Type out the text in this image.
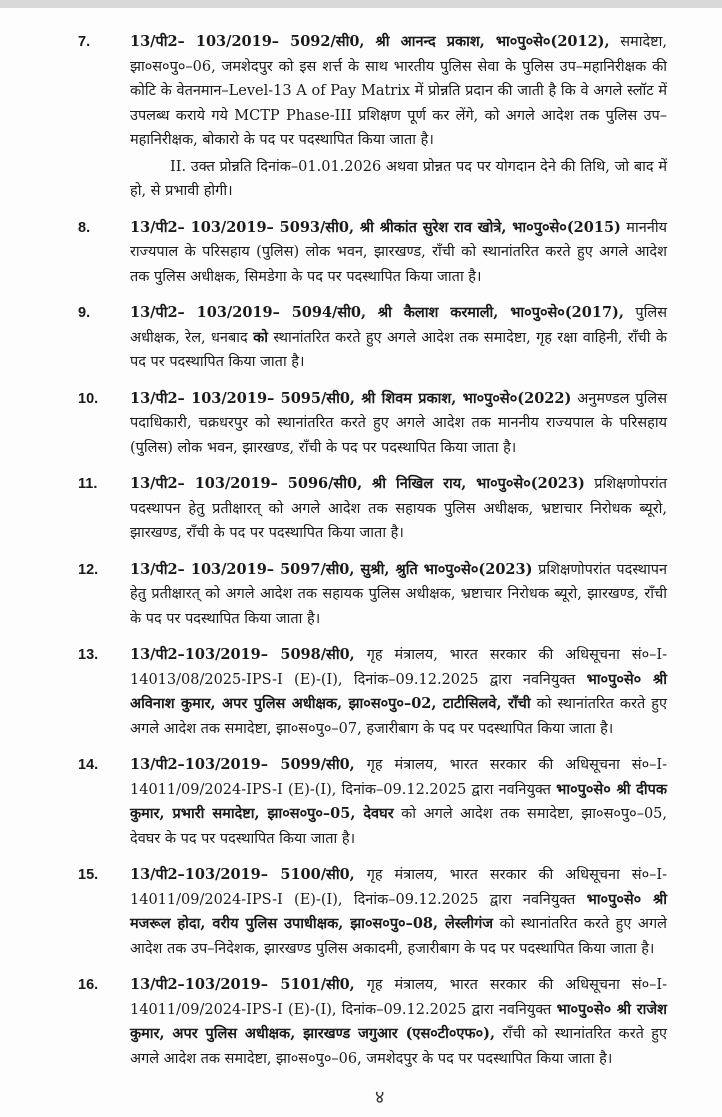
7.	13/पी2– 103/2019– 5092/सी0, श्री आनन्द प्रकाश, भा०पु०से०(2012), समादेष्टा, झा०स०पु०–06, जमशेदपुर को इस शर्त्त के साथ भारतीय पुलिस सेवा के पुलिस उप–महानिरीक्षक की कोटि के वेतनमान–Level-13 A of Pay Matrix में प्रोन्नति प्रदान की जाती है कि वे अगले स्लॉट में उपलब्ध कराये गये MCTP Phase-III प्रशिक्षण पूर्ण कर लेंगे, को अगले आदेश तक पुलिस उप–महानिरीक्षक, बोकारो के पद पर पदस्थापित किया जाता है।
II. उक्त प्रोन्नति दिनांक–01.01.2026 अथवा प्रोन्नत पद पर योगदान देने की तिथि, जो बाद में हो, से प्रभावी होगी।
8.	13/पी2– 103/2019– 5093/सी0, श्री श्रीकांत सुरेश राव खोत्रे, भा०पु०से०(2015) माननीय राज्यपाल के परिसहाय (पुलिस) लोक भवन, झारखण्ड, राँची को स्थानांतरित करते हुए अगले आदेश तक पुलिस अधीक्षक, सिमडेगा के पद पर पदस्थापित किया जाता है।
9.	13/पी2– 103/2019– 5094/सी0, श्री कैलाश करमाली, भा०पु०से०(2017), पुलिस अधीक्षक, रेल, धनबाद को स्थानांतरित करते हुए अगले आदेश तक समादेष्टा, गृह रक्षा वाहिनी, राँची के पद पर पदस्थापित किया जाता है।
10. 13/पी2– 103/2019– 5095/सी0, श्री शिवम प्रकाश, भा०पु०से०(2022) अनुमण्डल पुलिस पदाधिकारी, चक्रधरपुर को स्थानांतरित करते हुए अगले आदेश तक माननीय राज्यपाल के परिसहाय (पुलिस) लोक भवन, झारखण्ड, राँची के पद पर पदस्थापित किया जाता है।
11. 13/पी2– 103/2019– 5096/सी0, श्री निखिल राय, भा०पु०से०(2023) प्रशिक्षणोपरांत पदस्थापन हेतु प्रतीक्षारत् को अगले आदेश तक सहायक पुलिस अधीक्षक, भ्रष्टाचार निरोधक ब्यूरो, झारखण्ड, राँची के पद पर पदस्थापित किया जाता है।
12. 13/पी2– 103/2019– 5097/सी0, सुश्री, श्रुति भा०पु०से०(2023) प्रशिक्षणोपरांत पदस्थापन हेतु प्रतीक्षारत् को अगले आदेश तक सहायक पुलिस अधीक्षक, भ्रष्टाचार निरोधक ब्यूरो, झारखण्ड, राँची के पद पर पदस्थापित किया जाता है।
13. 13/पी2–103/2019– 5098/सी0, गृह मंत्रालय, भारत सरकार की अधिसूचना सं०–I-14013/08/2025-IPS-I (E)-(I), दिनांक–09.12.2025 द्वारा नवनियुक्त भा०पु०से० श्री अविनाश कुमार, अपर पुलिस अधीक्षक, झा०स०पु०–02, टाटीसिलवे, राँची को स्थानांतरित करते हुए अगले आदेश तक समादेष्टा, झा०स०पु०–07, हजारीबाग के पद पर पदस्थापित किया जाता है।
14. 13/पी2–103/2019– 5099/सी0, गृह मंत्रालय, भारत सरकार की अधिसूचना सं०–I-14011/09/2024-IPS-I (E)-(I), दिनांक–09.12.2025 द्वारा नवनियुक्त भा०पु०से० श्री दीपक कुमार, प्रभारी समादेष्टा, झा०स०पु०–05, देवघर को अगले आदेश तक समादेष्टा, झा०स०पु०–05, देवघर के पद पर पदस्थापित किया जाता है।
15. 13/पी2–103/2019– 5100/सी0, गृह मंत्रालय, भारत सरकार की अधिसूचना सं०–I-14011/09/2024-IPS-I (E)-(I), दिनांक–09.12.2025 द्वारा नवनियुक्त भा०पु०से० श्री मजरूल होदा, वरीय पुलिस उपाधीक्षक, झा०स०पु०–08, लेस्लीगंज को स्थानांतरित करते हुए अगले आदेश तक उप–निदेशक, झारखण्ड पुलिस अकादमी, हजारीबाग के पद पर पदस्थापित किया जाता है।
16. 13/पी2–103/2019– 5101/सी0, गृह मंत्रालय, भारत सरकार की अधिसूचना सं०–I-14011/09/2024-IPS-I (E)-(I), दिनांक–09.12.2025 द्वारा नवनियुक्त भा०पु०से० श्री राजेश कुमार, अपर पुलिस अधीक्षक, झारखण्ड जगुआर (एस०टी०एफ०), राँची को स्थानांतरित करते हुए अगले आदेश तक समादेष्टा, झा०स०पु०–06, जमशेदपुर के पद पर पदस्थापित किया जाता है।
४
